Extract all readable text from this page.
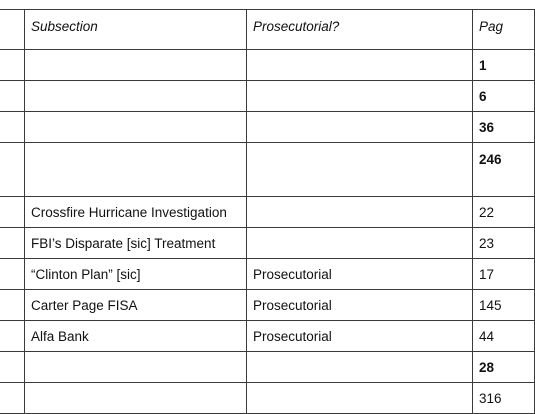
	Subsection	Prosecutorial?	Pag
			1
			6
			36
			246
	Crossfire Hurricane Investigation		22
	FBI’s Disparate [sic] Treatment		23
	“Clinton Plan” [sic]	Prosecutorial	17
	Carter Page FISA	Prosecutorial	145
	Alfa Bank	Prosecutorial	44
			28
			316
